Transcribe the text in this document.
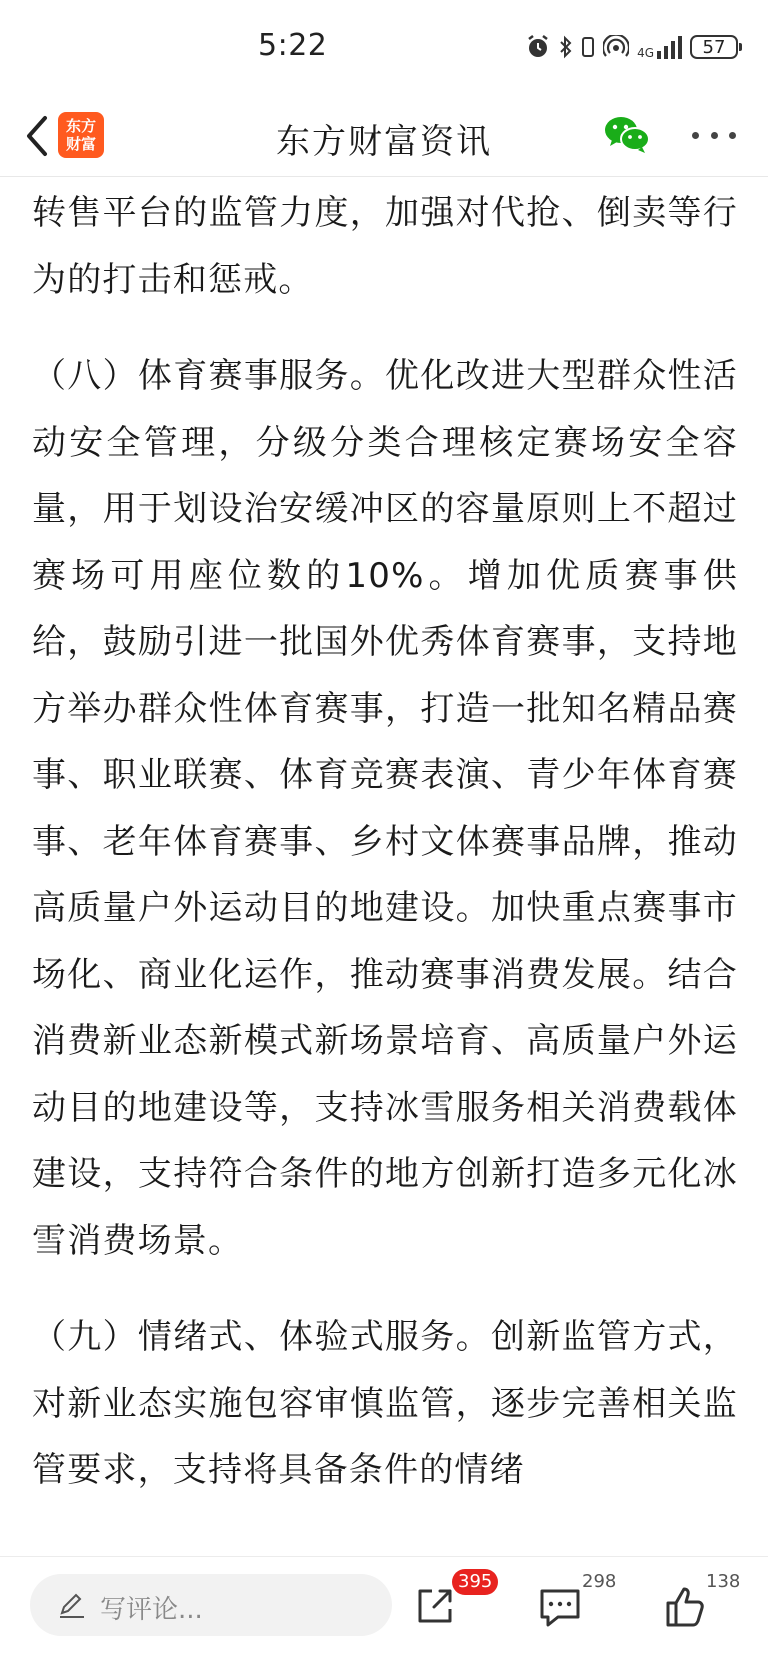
5:22	4G	57
东方
财富	东方财富资讯

转售平台的监管力度，加强对代抢、倒卖等行为的打击和惩戒。

（八）体育赛事服务。优化改进大型群众性活动安全管理，分级分类合理核定赛场安全容量，用于划设治安缓冲区的容量原则上不超过赛场可用座位数的10%。增加优质赛事供给，鼓励引进一批国外优秀体育赛事，支持地方举办群众性体育赛事，打造一批知名精品赛事、职业联赛、体育竞赛表演、青少年体育赛事、老年体育赛事、乡村文体赛事品牌，推动高质量户外运动目的地建设。加快重点赛事市场化、商业化运作，推动赛事消费发展。结合消费新业态新模式新场景培育、高质量户外运动目的地建设等，支持冰雪服务相关消费载体建设，支持符合条件的地方创新打造多元化冰雪消费场景。

（九）情绪式、体验式服务。创新监管方式，对新业态实施包容审慎监管，逐步完善相关监管要求，支持将具备条件的情绪

写评论...
395	298	138
